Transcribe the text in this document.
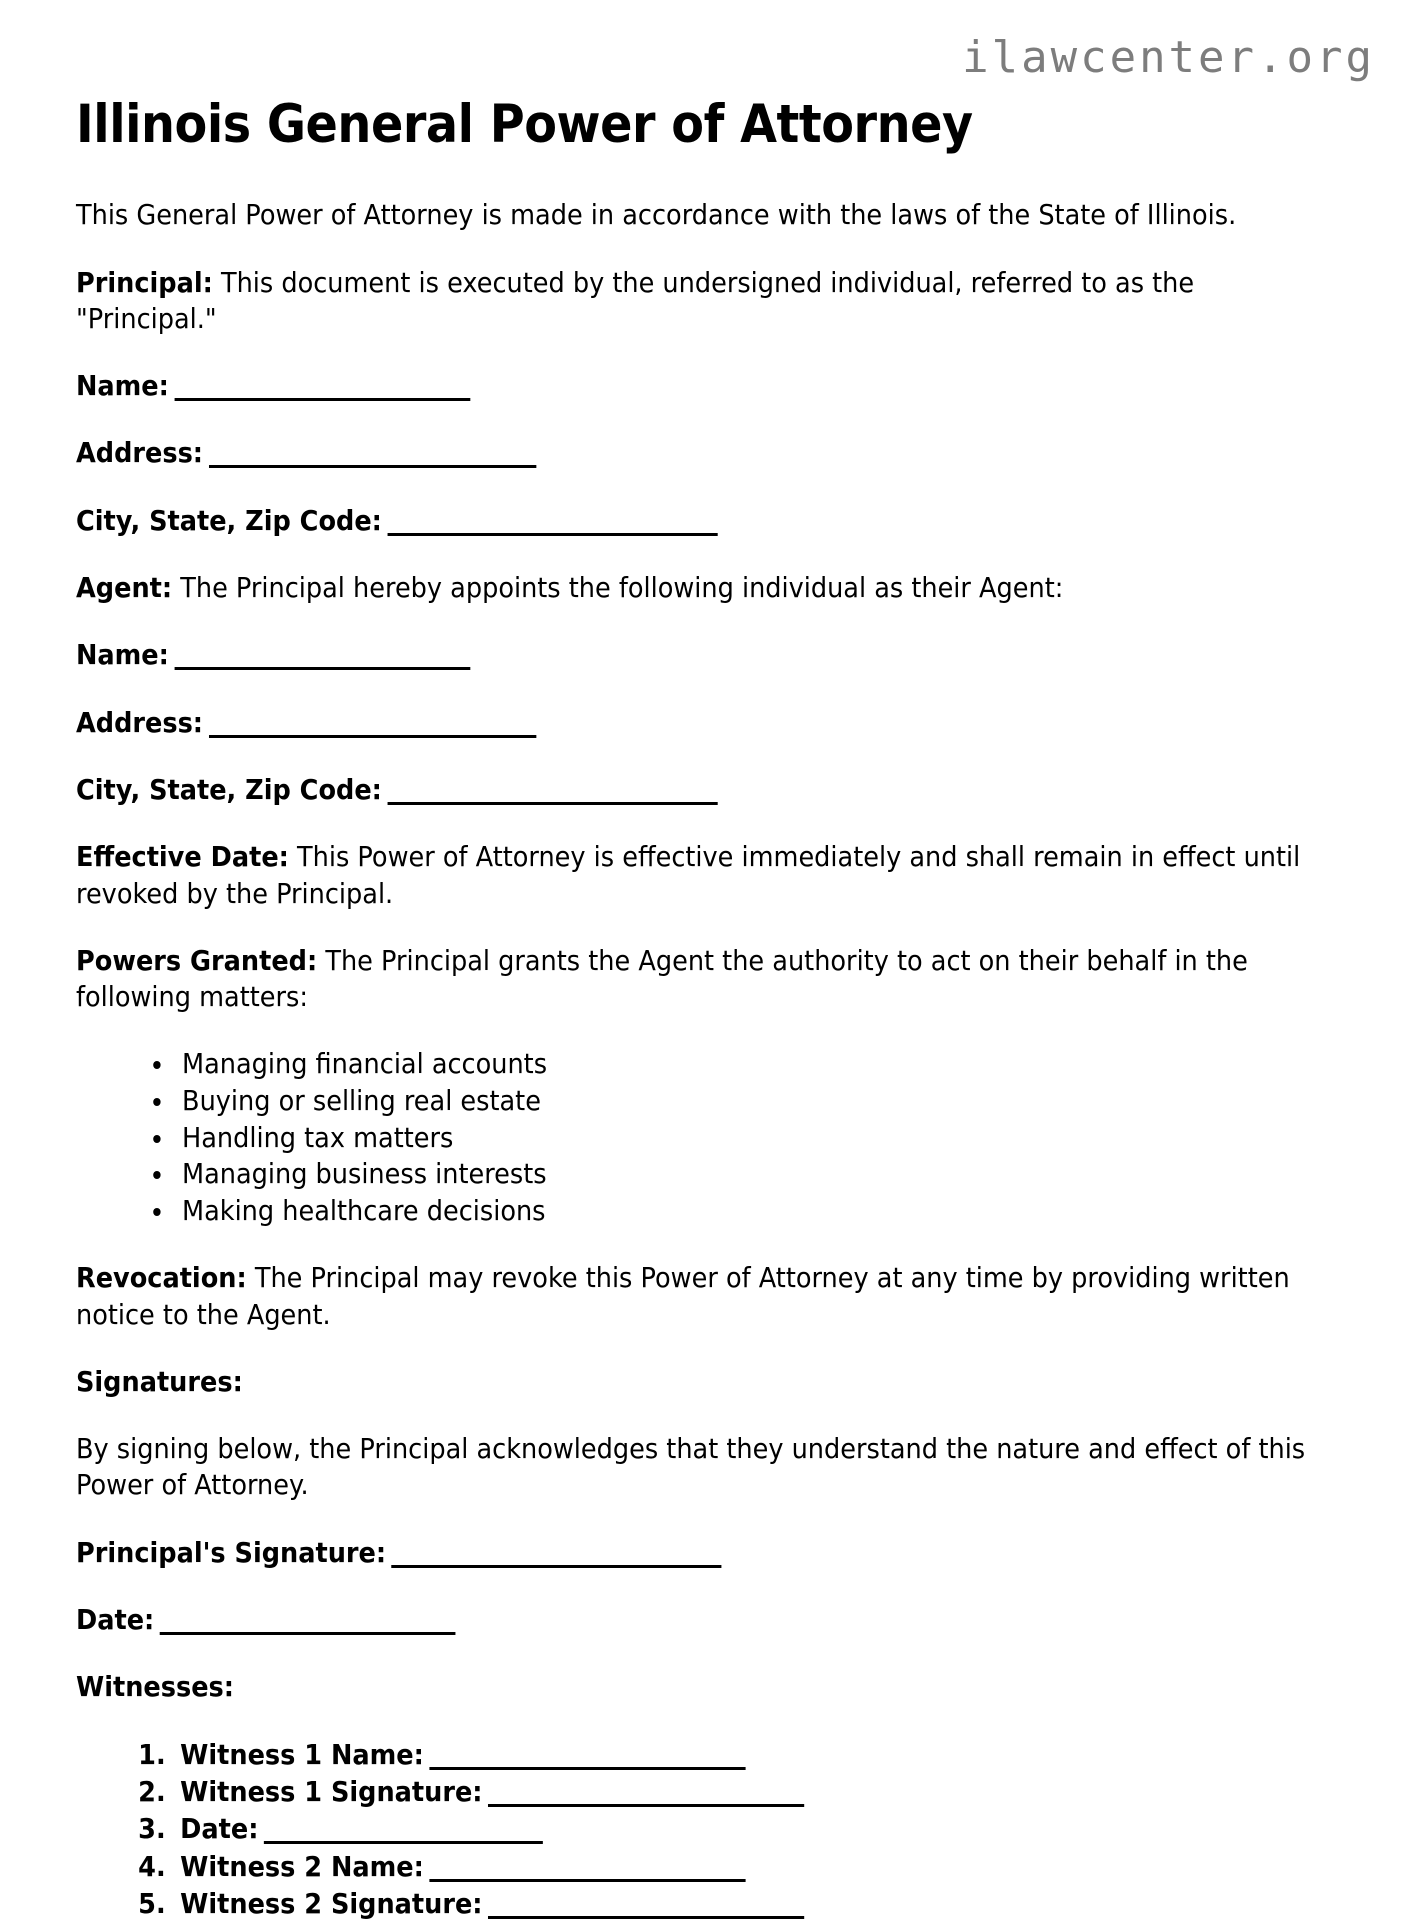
ilawcenter.org
Illinois General Power of Attorney

This General Power of Attorney is made in accordance with the laws of the State of Illinois.

Principal: This document is executed by the undersigned individual, referred to as the "Principal."

Name:
Address:
City, State, Zip Code:

Agent: The Principal hereby appoints the following individual as their Agent:

Name:
Address:
City, State, Zip Code:

Effective Date: This Power of Attorney is effective immediately and shall remain in effect until revoked by the Principal.

Powers Granted: The Principal grants the Agent the authority to act on their behalf in the following matters:

• Managing financial accounts
• Buying or selling real estate
• Handling tax matters
• Managing business interests
• Making healthcare decisions

Revocation: The Principal may revoke this Power of Attorney at any time by providing written notice to the Agent.

Signatures:

By signing below, the Principal acknowledges that they understand the nature and effect of this Power of Attorney.

Principal's Signature:
Date:

Witnesses:

1. Witness 1 Name:
2. Witness 1 Signature:
3. Date:
4. Witness 2 Name:
5. Witness 2 Signature:
